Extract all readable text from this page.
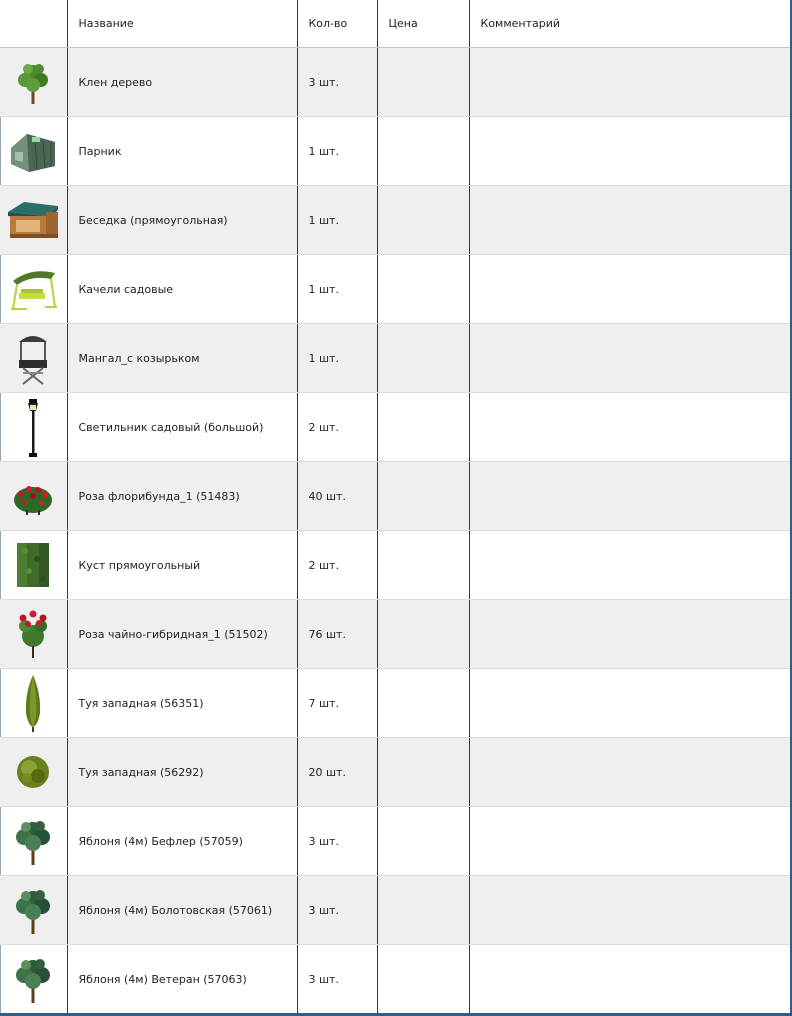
	Название	Кол-во	Цена	Комментарий

	Клен дерево	3 шт.		

	Парник	1 шт.		

	Беседка (прямоугольная)	1 шт.		

	Качели садовые	1 шт.		

	Мангал_с козырьком	1 шт.		

	Светильник садовый (большой)	2 шт.		

	Роза флорибунда_1 (51483)	40 шт.		

	Куст прямоугольный	2 шт.		

	Роза чайно-гибридная_1 (51502)	76 шт.		

	Туя западная (56351)	7 шт.		

	Туя западная (56292)	20 шт.		

	Яблоня (4м) Бефлер (57059)	3 шт.		

	Яблоня (4м) Болотовская (57061)	3 шт.		

	Яблоня (4м) Ветеран (57063)	3 шт.		
